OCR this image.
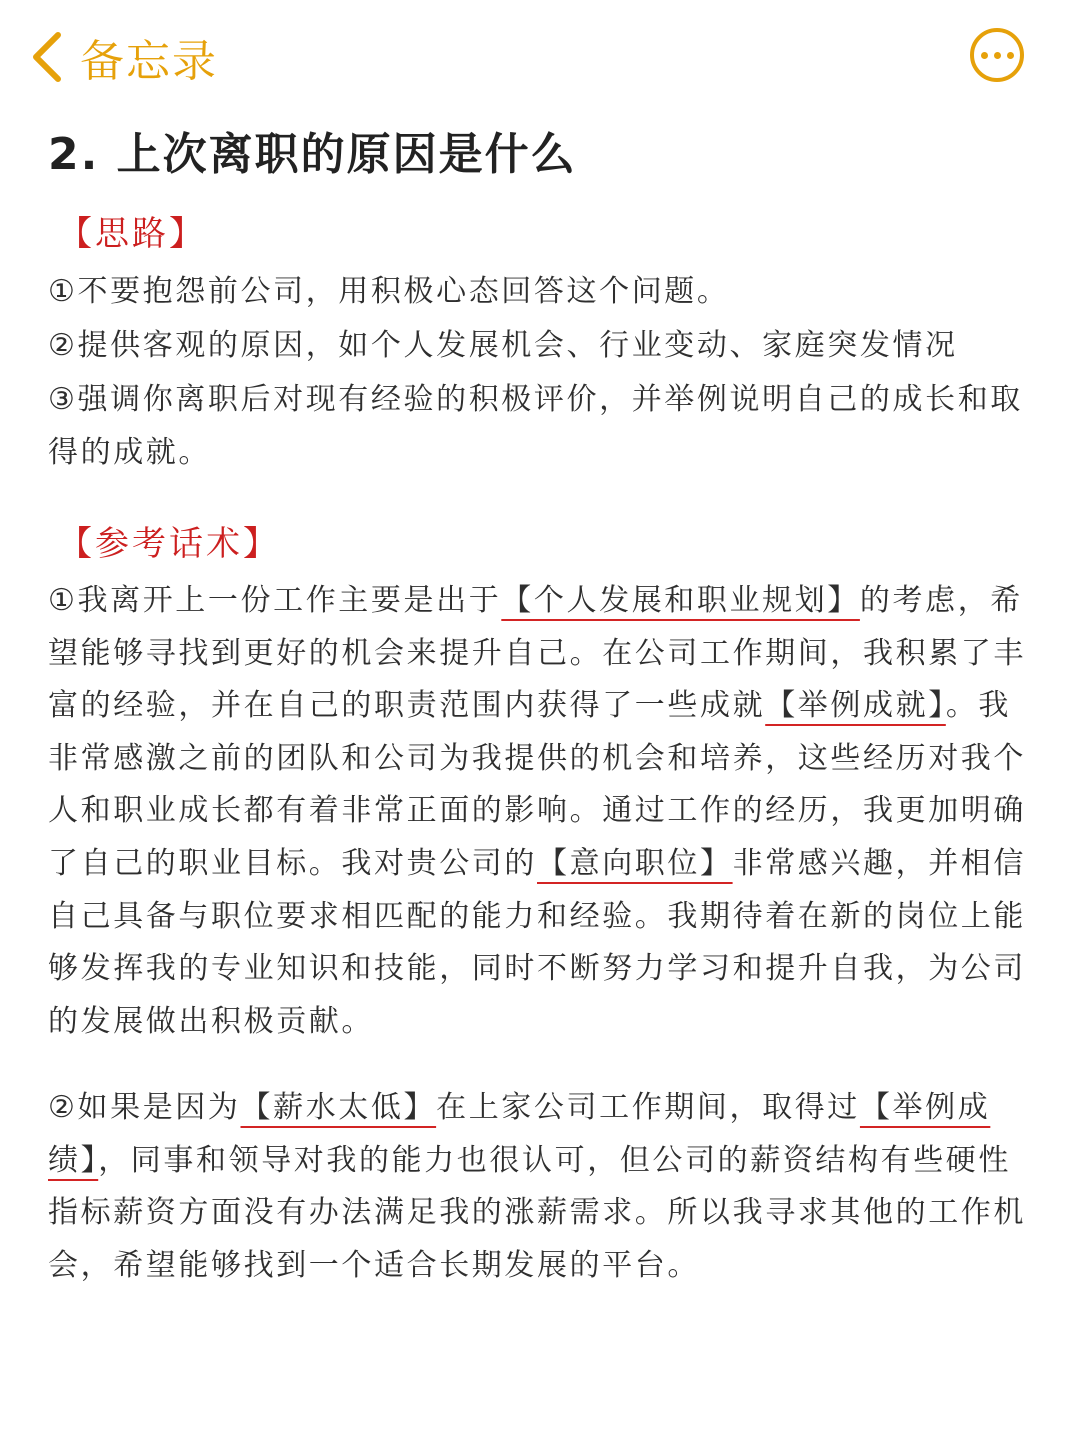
备忘录
2. 上次离职的原因是什么
【思路】

①不要抱怨前公司，用积极心态回答这个问题。

②提供客观的原因，如个人发展机会、行业变动、家庭突发情况

③强调你离职后对现有经验的积极评价，并举例说明自己的成长和取得的成就。

【参考话术】

①我离开上一份工作主要是出于【个人发展和职业规划】的考虑，希望能够寻找到更好的机会来提升自己。在公司工作期间，我积累了丰富的经验，并在自己的职责范围内获得了一些成就【举例成就】。我非常感激之前的团队和公司为我提供的机会和培养，这些经历对我个人和职业成长都有着非常正面的影响。通过工作的经历，我更加明确了自己的职业目标。我对贵公司的【意向职位】非常感兴趣，并相信自己具备与职位要求相匹配的能力和经验。我期待着在新的岗位上能够发挥我的专业知识和技能，同时不断努力学习和提升自我，为公司的发展做出积极贡献。

②如果是因为【薪水太低】在上家公司工作期间，取得过【举例成绩】，同事和领导对我的能力也很认可，但公司的薪资结构有些硬性指标薪资方面没有办法满足我的涨薪需求。所以我寻求其他的工作机会，希望能够找到一个适合长期发展的平台。
